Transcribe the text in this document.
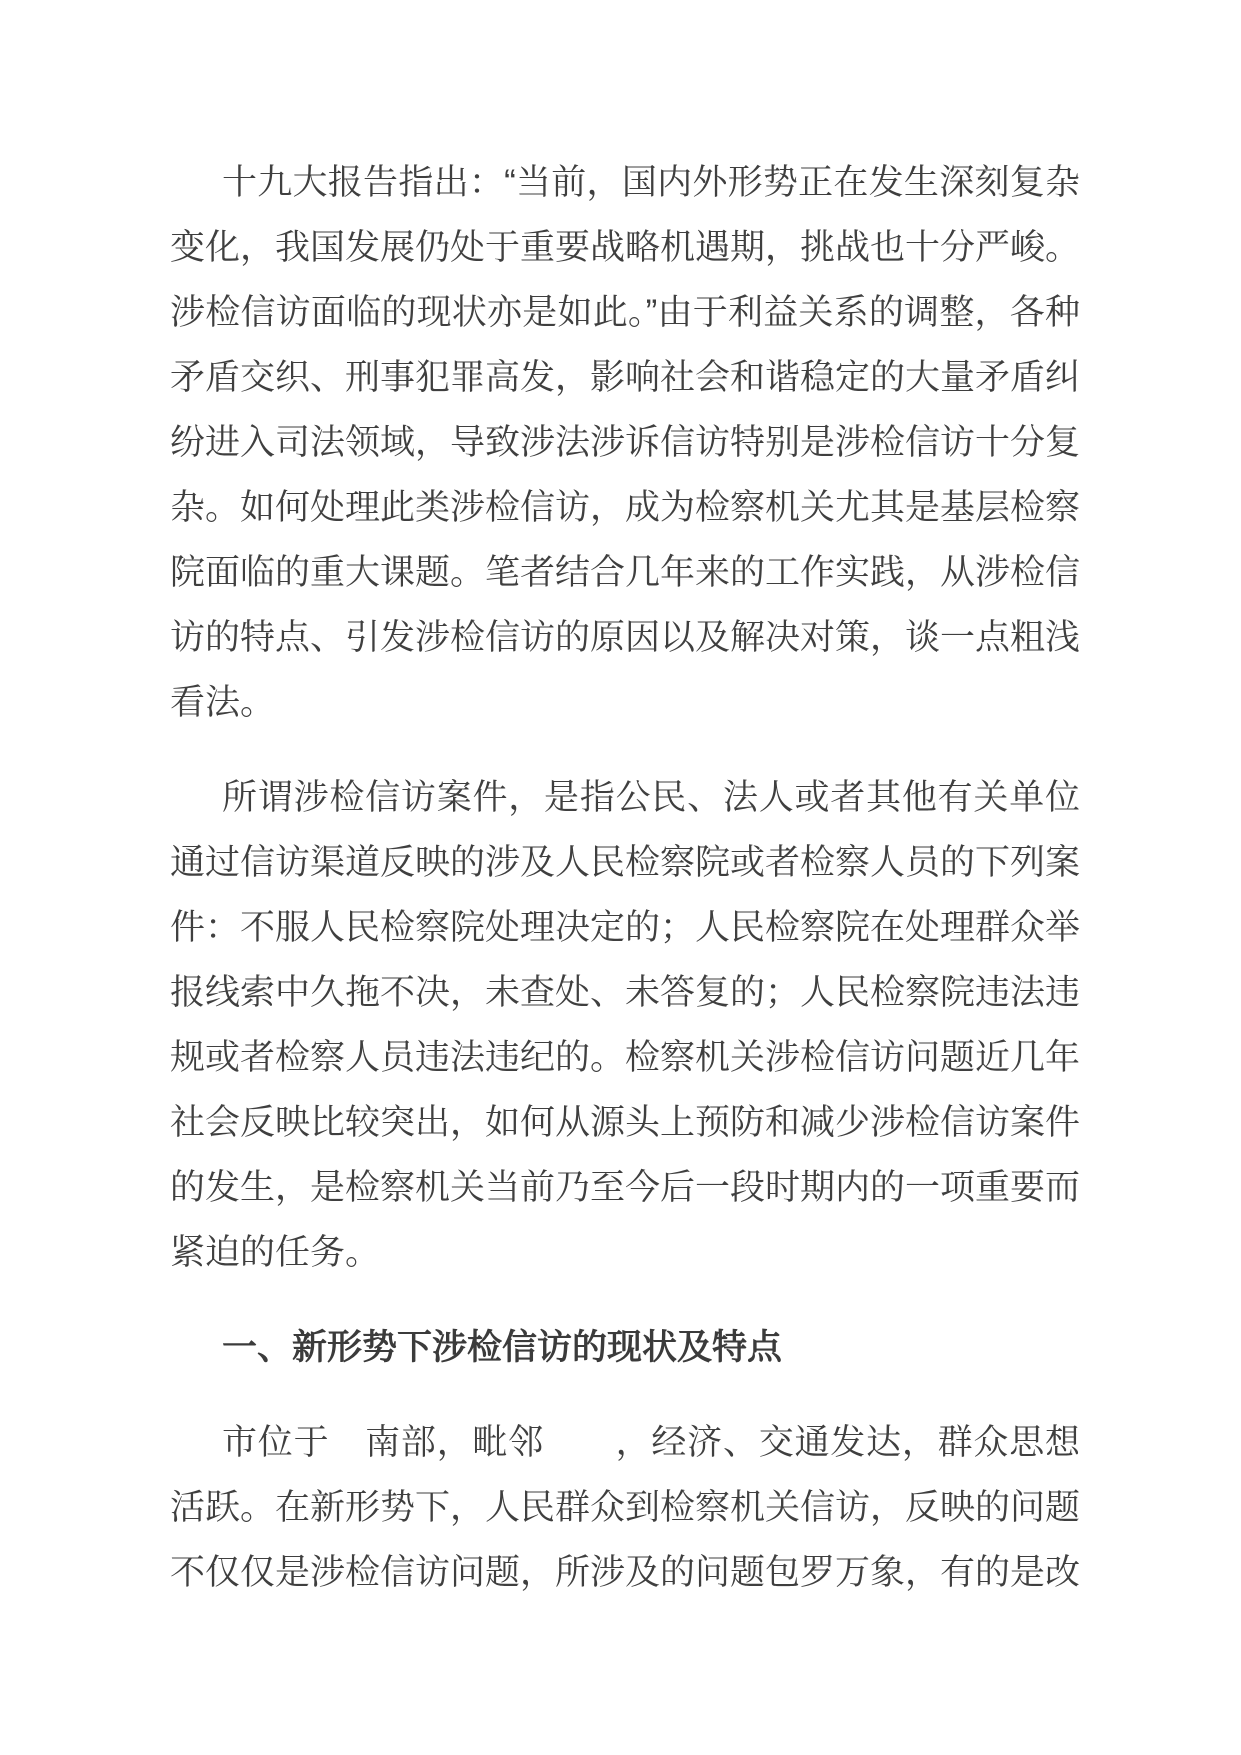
十九大报告指出：“当前，国内外形势正在发生深刻复杂变化，我国发展仍处于重要战略机遇期，挑战也十分严峻。涉检信访面临的现状亦是如此。”由于利益关系的调整，各种矛盾交织、刑事犯罪高发，影响社会和谐稳定的大量矛盾纠纷进入司法领域，导致涉法涉诉信访特别是涉检信访十分复杂。如何处理此类涉检信访，成为检察机关尤其是基层检察院面临的重大课题。笔者结合几年来的工作实践，从涉检信访的特点、引发涉检信访的原因以及解决对策，谈一点粗浅看法。

所谓涉检信访案件，是指公民、法人或者其他有关单位通过信访渠道反映的涉及人民检察院或者检察人员的下列案件：不服人民检察院处理决定的；人民检察院在处理群众举报线索中久拖不决，未查处、未答复的；人民检察院违法违规或者检察人员违法违纪的。检察机关涉检信访问题近几年社会反映比较突出，如何从源头上预防和减少涉检信访案件的发生，是检察机关当前乃至今后一段时期内的一项重要而紧迫的任务。

一、新形势下涉检信访的现状及特点

市位于　南部，毗邻　　，经济、交通发达，群众思想活跃。在新形势下，人民群众到检察机关信访，反映的问题不仅仅是涉检信访问题，所涉及的问题包罗万象，有的是改
